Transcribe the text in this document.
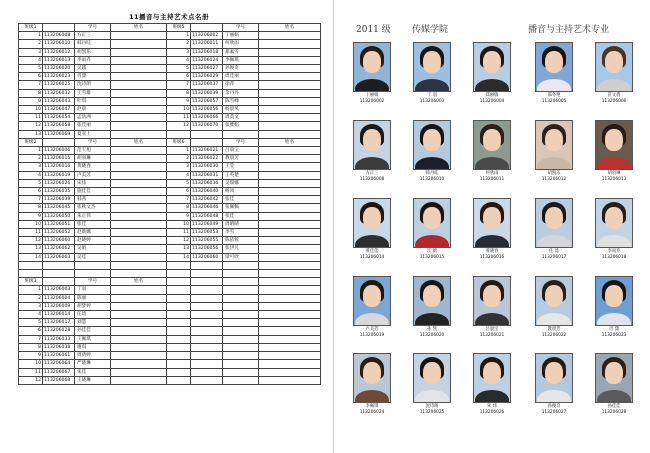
11播音与主持艺术点名册
班级1		学号	姓名	班级5		学号	姓名
1	113206008	方正三		1	113206002	丁丽娟	
2	113206010	韩丹哇		2	113206011	何欣雨	
3	113206012	胡凯乐		3	113206018	郑素雪	
4	113206013	李雨乔		4	113206024	李佩琪	
5	113206020	吴越		5	113206027	孙俊奇	
6	113206023	肖潇		6	113206029	周佳丽	
7	113206025	沈诗朗		7	113206037	徐萍	
8	113206032	王雪雄		8	113206039	余丹丹	
9	113206043	叶琪		9	113206057	陈雪峰	
10	113206047	赵晨		10	113206056	杨晨凤	
11	113206054	孟浩洲		11	113206066	周莫文	
12	113206058	张佳丽		12	113206070	张雅娟	
13	113206069	夏亚上					
班级2		学号	姓名	班级6		学号	姓名
1	113206006	范天旭		1	113206021	吕晨宝	
2	113206015	胡羽琳		2	113206022	教晨芳	
3	113206016	黄晓春		3	113206030	王莹	
4	113206019	卢美芳		4	113206031	王英楚	
5	113206026	宋炜		5	113206036	吴瑞娜	
6	113206035	施佳佳		6	113206040	杨凤	
7	113206039	韩茜		7	113206042	张佳	
8	113206045	张秋文杰		8	113206046	张佩佩	
9	113206050	朱正伟		9	113206048	张佳	
10	113206051	张佳		10	113206049	周晴晴	
11	113206052	赵新娜		11	113206053	李雪	
12	113206060	赵晓婷		12	113206055	陈依蓉	
13	113206062	吴娟		13	113206056	张伊凡	
14	113206063	吴佳		14	113206060	梁可欣	

班级3		学号	姓名				
1	113206003	丁羽					
2	113206004	陈丽					
3	113206009	胡梦婷					
4	113206014	任琦					
5	113206017	刘慧					
6	113206028	孙佳佳					
7	113206033	王佩琪					
8	113206038	谢琪					
9	113206061	周倩婷					
10	113206064	严晓琳					
11	113206067	朱佳					
12	113206068	王晓琳					
2011 级 传媒学院	播音与主持艺术专业
丁丽娟
113206002
丁 羽
113206003
郑丽敏
113206004
邵冬艳
113206005
苗文倩
113206006
方正三
113206008
韩丹哇
113206010
何欣雨
113206011
胡凯乐
113206012
胡羽琳
113206013
黄佳佳
113206014
江 婧
113206015
黄晓春
113206016
任 琦
113206017
李雨乔
113206018
卢美芳
113206019
孙 凯
113206020
吕晨宝
113206021
教晨芳
113206022
肖 潇
113206023
李佩琪
113206024
沈诗朗
113206025
宋 炜
113206026
孙俊奇
113206027
孙佳佳
113206028
